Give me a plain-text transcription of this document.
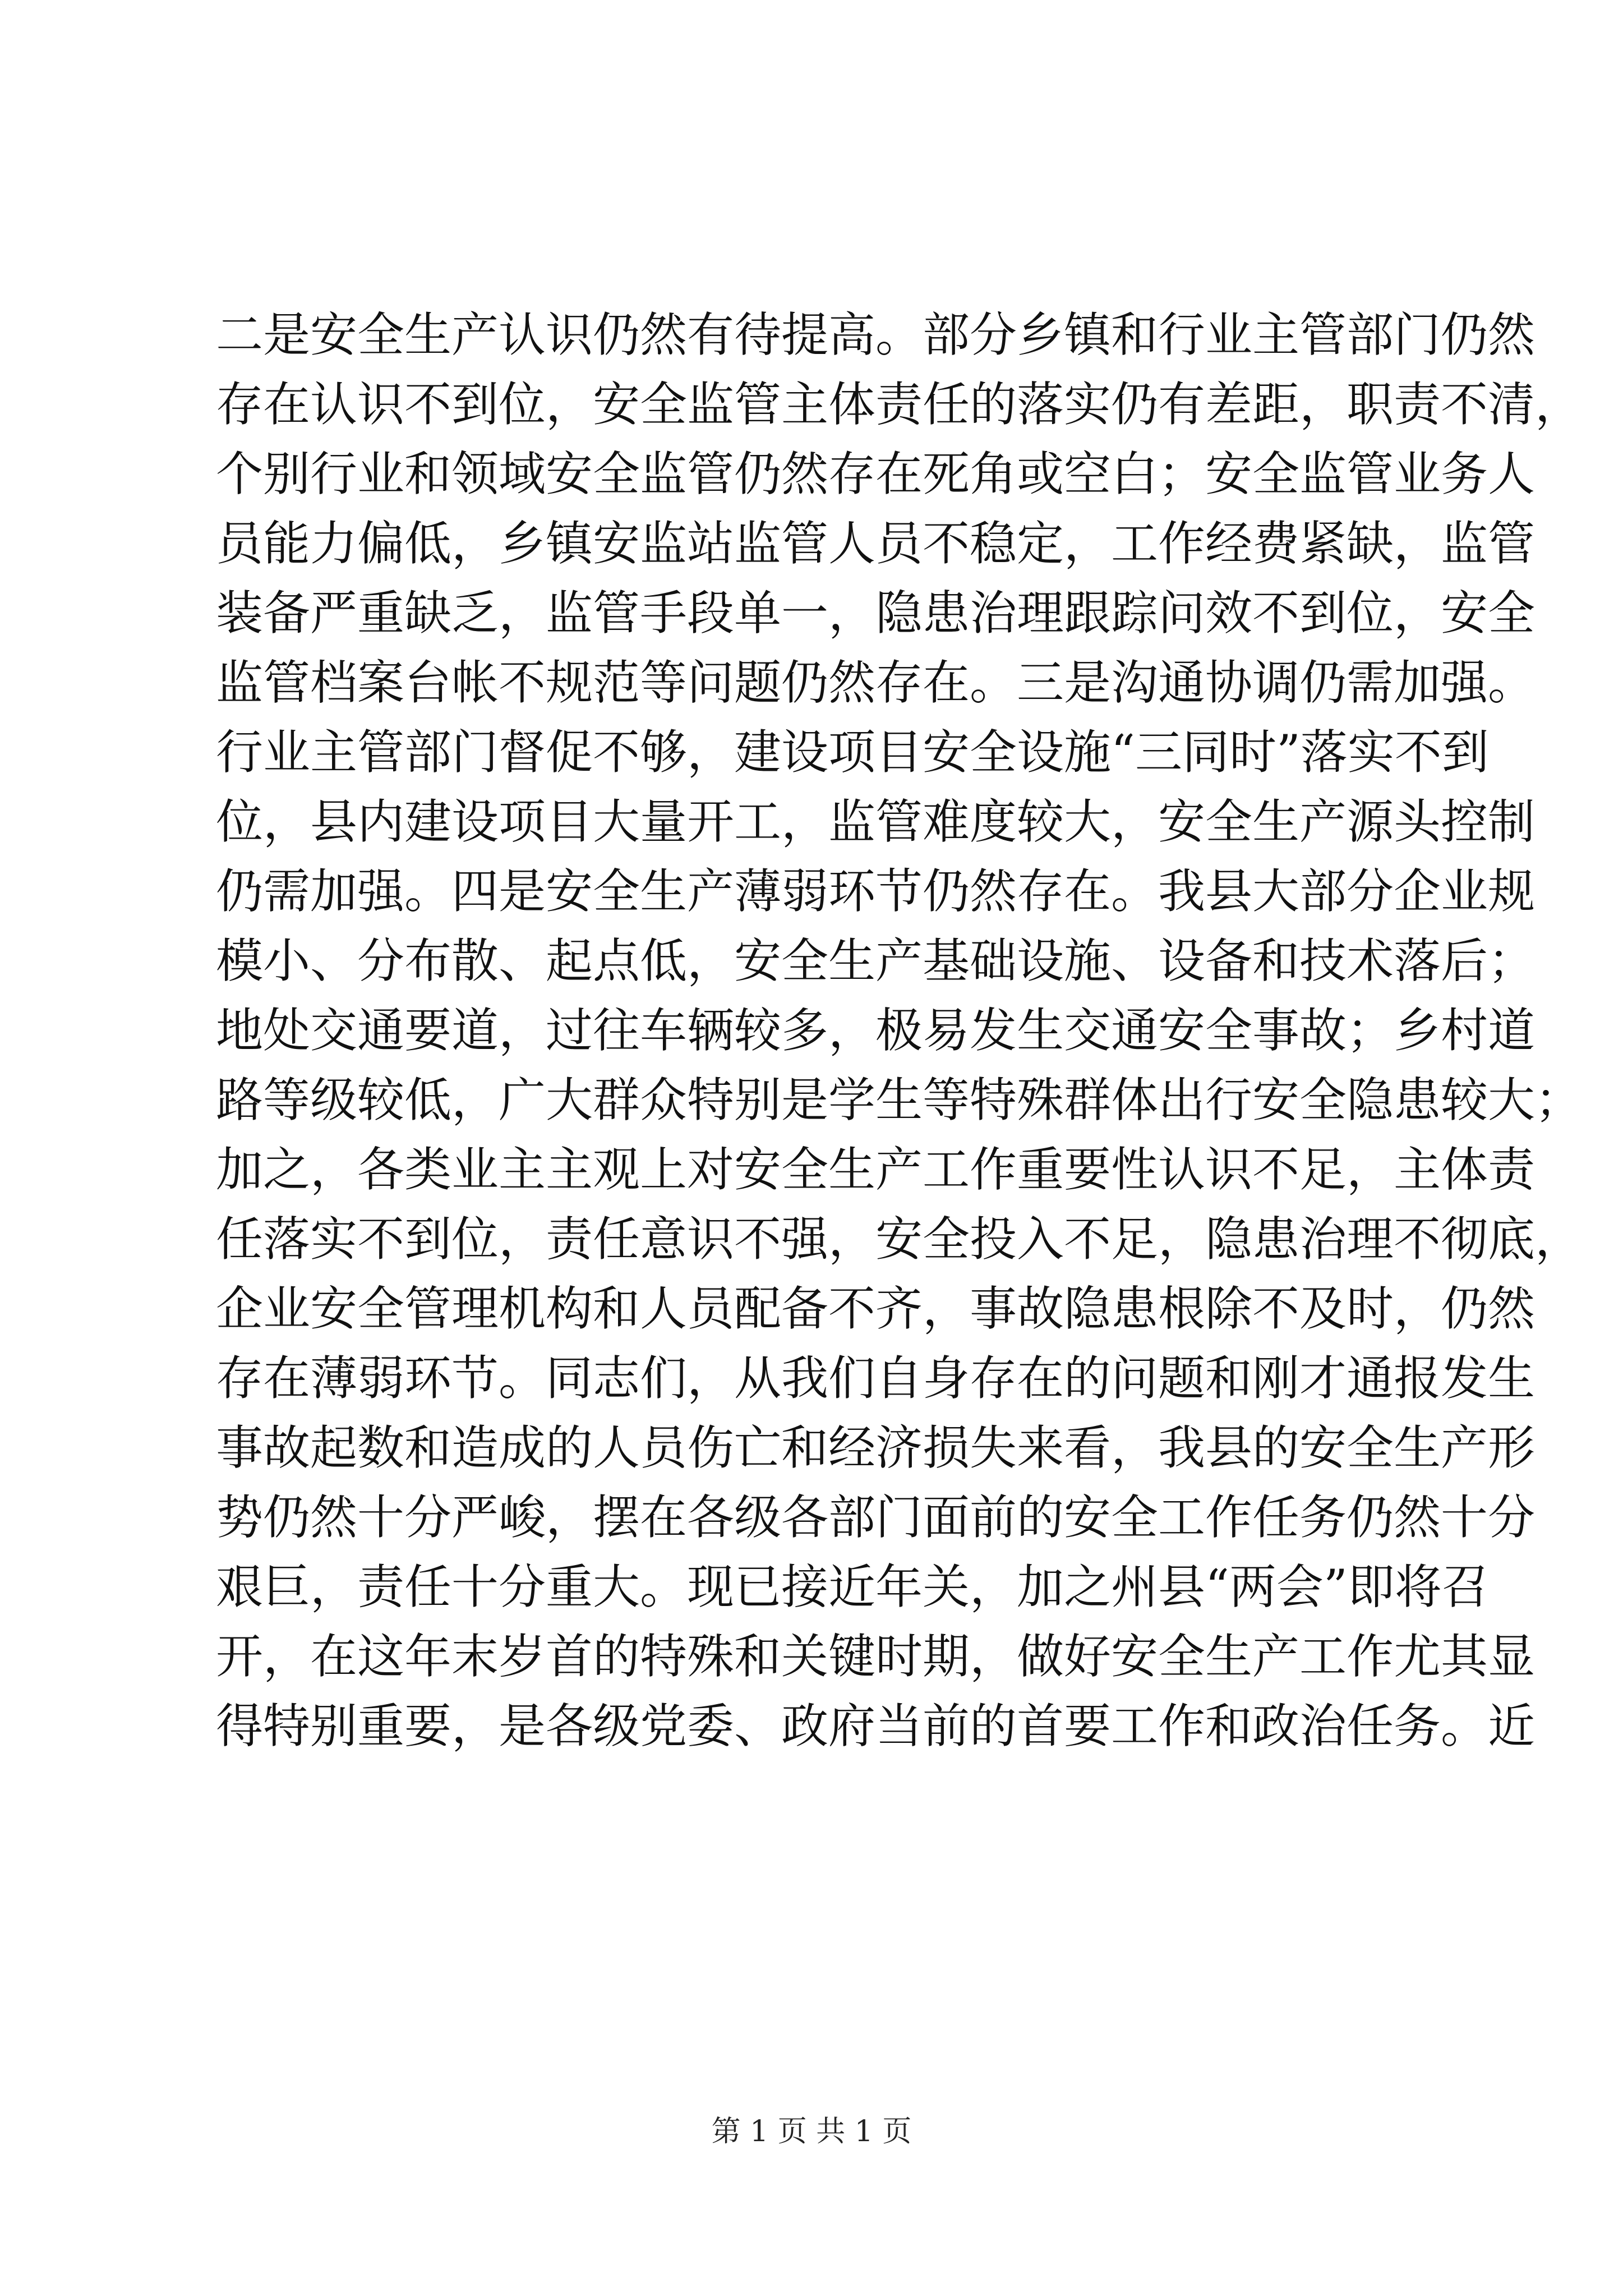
二是安全生产认识仍然有待提高。部分乡镇和行业主管部门仍然
存在认识不到位，安全监管主体责任的落实仍有差距，职责不清，
个别行业和领域安全监管仍然存在死角或空白；安全监管业务人
员能力偏低，乡镇安监站监管人员不稳定，工作经费紧缺，监管
装备严重缺乏，监管手段单一，隐患治理跟踪问效不到位，安全
监管档案台帐不规范等问题仍然存在。三是沟通协调仍需加强。
行业主管部门督促不够，建设项目安全设施“三同时”落实不到
位，县内建设项目大量开工，监管难度较大，安全生产源头控制
仍需加强。四是安全生产薄弱环节仍然存在。我县大部分企业规
模小、分布散、起点低，安全生产基础设施、设备和技术落后；
地处交通要道，过往车辆较多，极易发生交通安全事故；乡村道
路等级较低，广大群众特别是学生等特殊群体出行安全隐患较大；
加之，各类业主主观上对安全生产工作重要性认识不足，主体责
任落实不到位，责任意识不强，安全投入不足，隐患治理不彻底，
企业安全管理机构和人员配备不齐，事故隐患根除不及时，仍然
存在薄弱环节。同志们，从我们自身存在的问题和刚才通报发生
事故起数和造成的人员伤亡和经济损失来看，我县的安全生产形
势仍然十分严峻，摆在各级各部门面前的安全工作任务仍然十分
艰巨，责任十分重大。现已接近年关，加之州县“两会”即将召
开，在这年末岁首的特殊和关键时期，做好安全生产工作尤其显
得特别重要，是各级党委、政府当前的首要工作和政治任务。近
第 1 页 共 1 页
